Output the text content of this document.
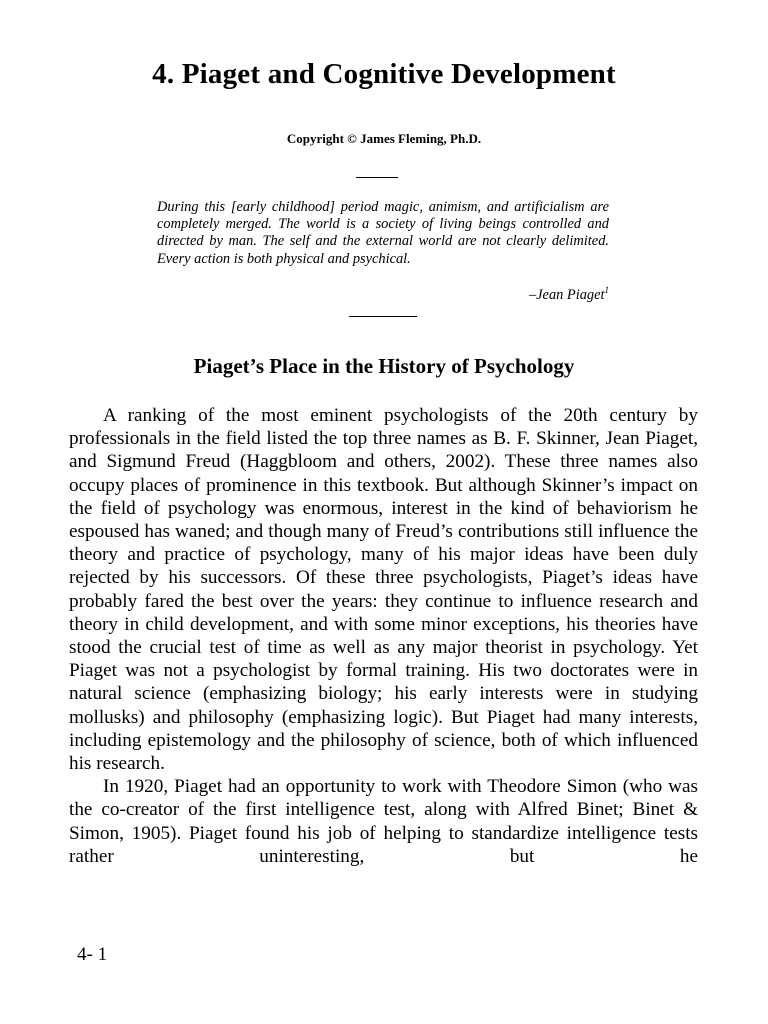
4. Piaget and Cognitive Development
Copyright © James Fleming, Ph.D.
During this [early childhood] period magic, animism, and artificialism are completely merged. The world is a society of living beings controlled and directed by man. The self and the external world are not clearly delimited. Every action is both physical and psychical.
–Jean Piaget$^1$
Piaget’s Place in the History of Psychology

A ranking of the most eminent psychologists of the 20th century by professionals in the field listed the top three names as B. F. Skinner, Jean Piaget, and Sigmund Freud (Haggbloom and others, 2002). These three names also occupy places of prominence in this textbook. But although Skinner’s impact on the field of psychology was enormous, interest in the kind of behaviorism he espoused has waned; and though many of Freud’s contributions still influence the theory and practice of psychology, many of his major ideas have been duly rejected by his successors. Of these three psychologists, Piaget’s ideas have probably fared the best over the years: they continue to influence research and theory in child development, and with some minor exceptions, his theories have stood the crucial test of time as well as any major theorist in psychology. Yet Piaget was not a psychologist by formal training. His two doctorates were in natural science (emphasizing biology; his early interests were in studying mollusks) and philosophy (emphasizing logic). But Piaget had many interests, including epistemology and the philosophy of science, both of which influenced his research.

In 1920, Piaget had an opportunity to work with Theodore Simon (who was the co-creator of the first intelligence test, along with Alfred Binet; Binet & Simon, 1905). Piaget found his job of helping to standardize intelligence tests rather uninteresting, but he

4- 1
